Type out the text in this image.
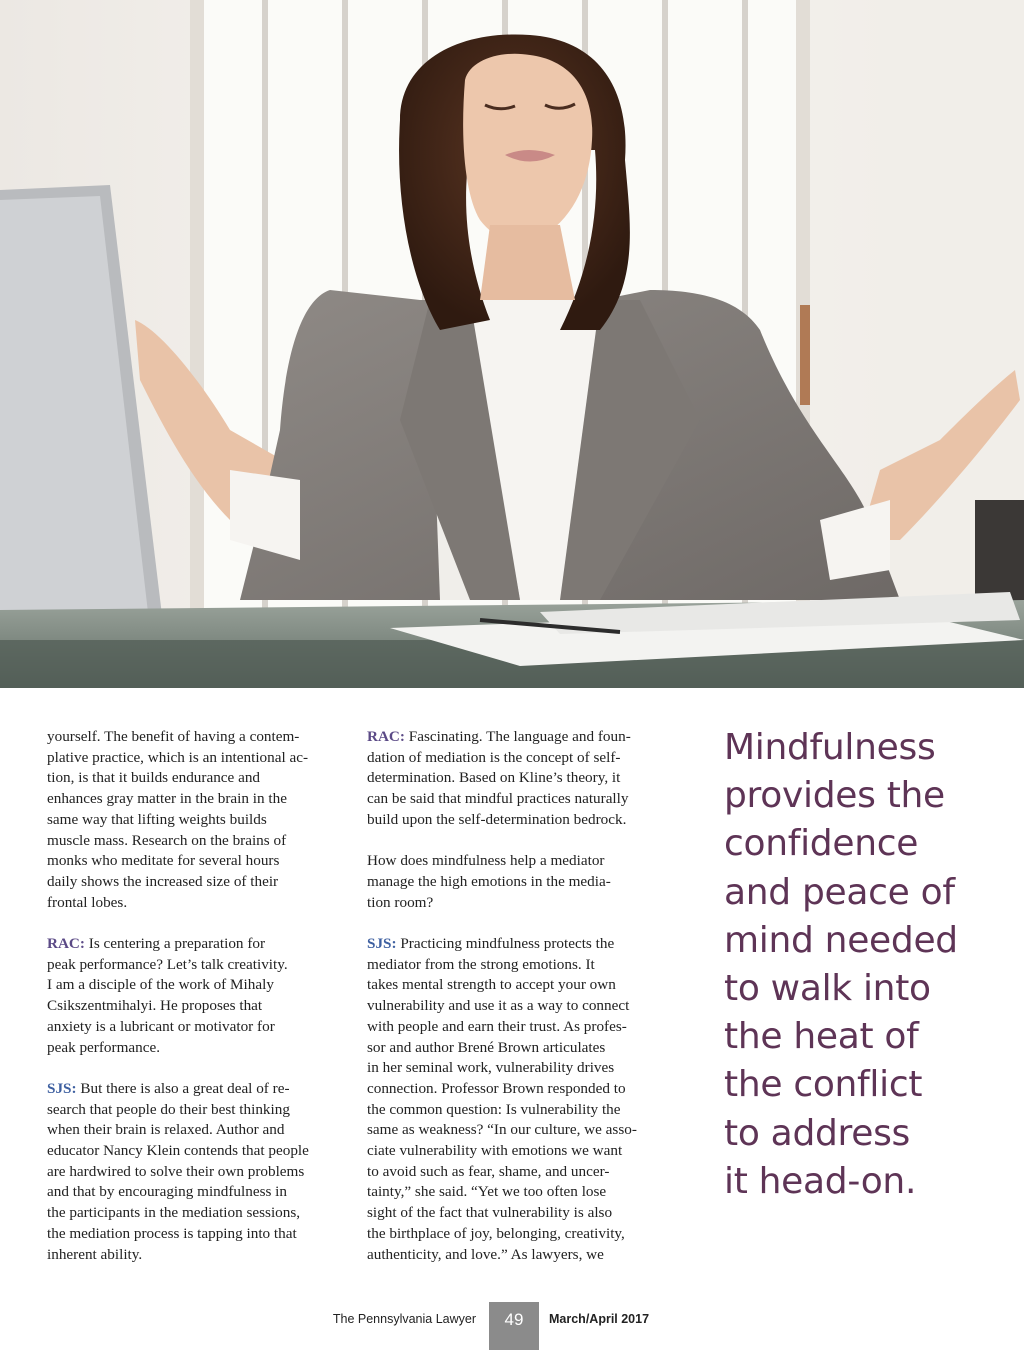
yourself. The benefit of having a contem-
plative practice, which is an intentional ac-
tion, is that it builds endurance and
enhances gray matter in the brain in the
same way that lifting weights builds
muscle mass. Research on the brains of
monks who meditate for several hours
daily shows the increased size of their
frontal lobes.

RAC: Is centering a preparation for
peak performance? Let’s talk creativity.
I am a disciple of the work of Mihaly
Csikszentmihalyi. He proposes that
anxiety is a lubricant or motivator for
peak performance.

SJS: But there is also a great deal of re-
search that people do their best thinking
when their brain is relaxed. Author and
educator Nancy Klein contends that people
are hardwired to solve their own problems
and that by encouraging mindfulness in
the participants in the mediation sessions,
the mediation process is tapping into that
inherent ability.

RAC: Fascinating. The language and foun-
dation of mediation is the concept of self-
determination. Based on Kline’s theory, it
can be said that mindful practices naturally
build upon the self-determination bedrock.

How does mindfulness help a mediator
manage the high emotions in the media-
tion room?

SJS: Practicing mindfulness protects the
mediator from the strong emotions. It
takes mental strength to accept your own
vulnerability and use it as a way to connect
with people and earn their trust. As profes-
sor and author Brené Brown articulates
in her seminal work, vulnerability drives
connection. Professor Brown responded to
the common question: Is vulnerability the
same as weakness? “In our culture, we asso-
ciate vulnerability with emotions we want
to avoid such as fear, shame, and uncer-
tainty,” she said. “Yet we too often lose
sight of the fact that vulnerability is also
the birthplace of joy, belonging, creativity,
authenticity, and love.” As lawyers, we

Mindfulness
provides the
confidence
and peace of
mind needed
to walk into
the heat of
the conflict
to address
it head-on.
The Pennsylvania Lawyer	49	March/April 2017
